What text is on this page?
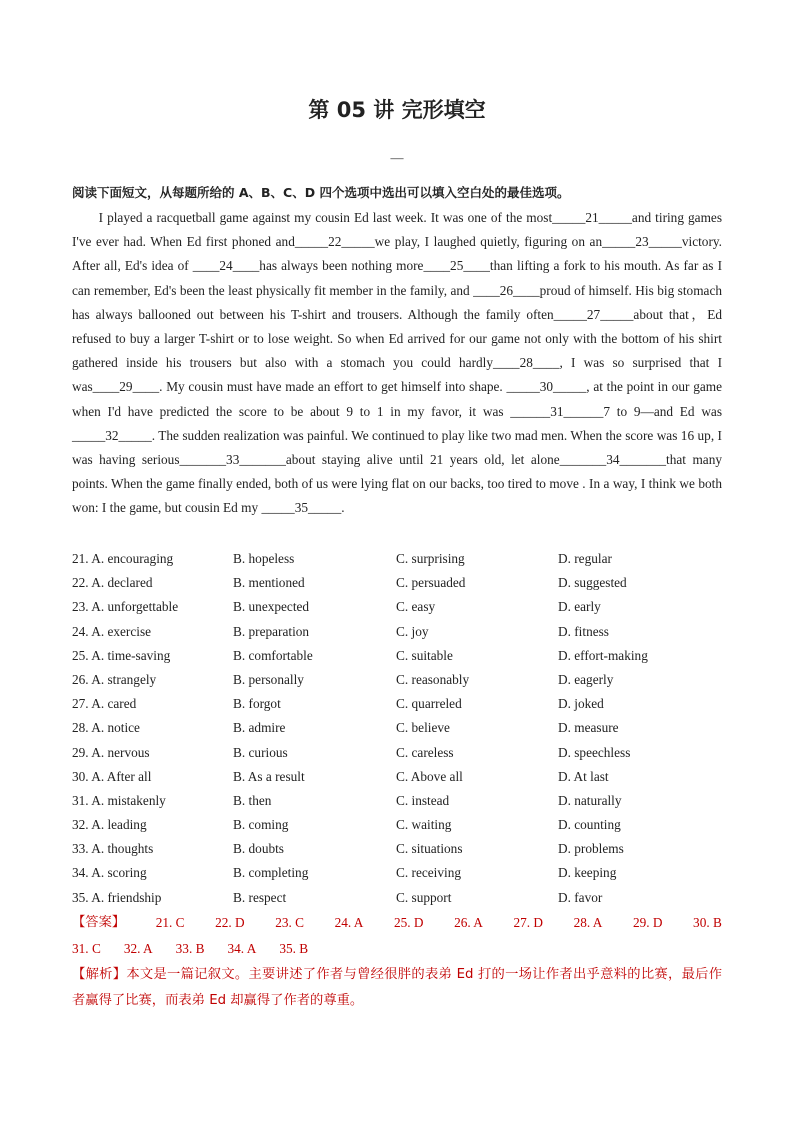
第 05 讲 完形填空
—
阅读下面短文，从每题所给的 A、B、C、D 四个选项中选出可以填入空白处的最佳选项。

I played a racquetball game against my cousin Ed last week. It was one of the most_____21_____and tiring games I've ever had. When Ed first phoned and_____22_____we play, I laughed quietly, figuring on an_____23_____victory. After all, Ed's idea of ____24____has always been nothing more____25____than lifting a fork to his mouth. As far as I can remember, Ed's been the least physically fit member in the family, and ____26____proud of himself. His big stomach has always ballooned out between his T-shirt and trousers. Although the family often_____27_____about that，Ed refused to buy a larger T-shirt or to lose weight. So when Ed arrived for our game not only with the bottom of his shirt gathered inside his trousers but also with a stomach you could hardly____28____, I was so surprised that I was____29____. My cousin must have made an effort to get himself into shape. _____30_____, at the point in our game when I'd have predicted the score to be about 9 to 1 in my favor, it was ______31______7 to 9—and Ed was _____32_____. The sudden realization was painful. We continued to play like two mad men. When the score was 16 up, I was having serious_______33_______about staying alive until 21 years old, let alone_______34_______that many points. When the game finally ended, both of us were lying flat on our backs, too tired to move . In a way, I think we both won: I the game, but cousin Ed my _____35_____.

21. A. encouraging	B. hopeless	C. surprising	D. regular
22. A. declared	B. mentioned	C. persuaded	D. suggested
23. A. unforgettable	B. unexpected	C. easy	D. early
24. A. exercise	B. preparation	C. joy	D. fitness
25. A. time-saving	B. comfortable	C. suitable	D. effort-making
26. A. strangely	B. personally	C. reasonably	D. eagerly
27. A. cared	B. forgot	C. quarreled	D. joked
28. A. notice	B. admire	C. believe	D. measure
29. A. nervous	B. curious	C. careless	D. speechless
30. A. After all	B. As a result	C. Above all	D. At last
31. A. mistakenly	B. then	C. instead	D. naturally
32. A. leading	B. coming	C. waiting	D. counting
33. A. thoughts	B. doubts	C. situations	D. problems
34. A. scoring	B. completing	C. receiving	D. keeping
35. A. friendship	B. respect	C. support	D. favor
【答案】 21. C 22. D 23. C 24. A 25. D 26. A 27. D 28. A 29. D 30. B
31. C 32. A 33. B 34. A 35. B
【解析】本文是一篇记叙文。主要讲述了作者与曾经很胖的表弟 Ed 打的一场让作者出乎意料的比赛，最后作者赢得了比赛，而表弟 Ed 却赢得了作者的尊重。
